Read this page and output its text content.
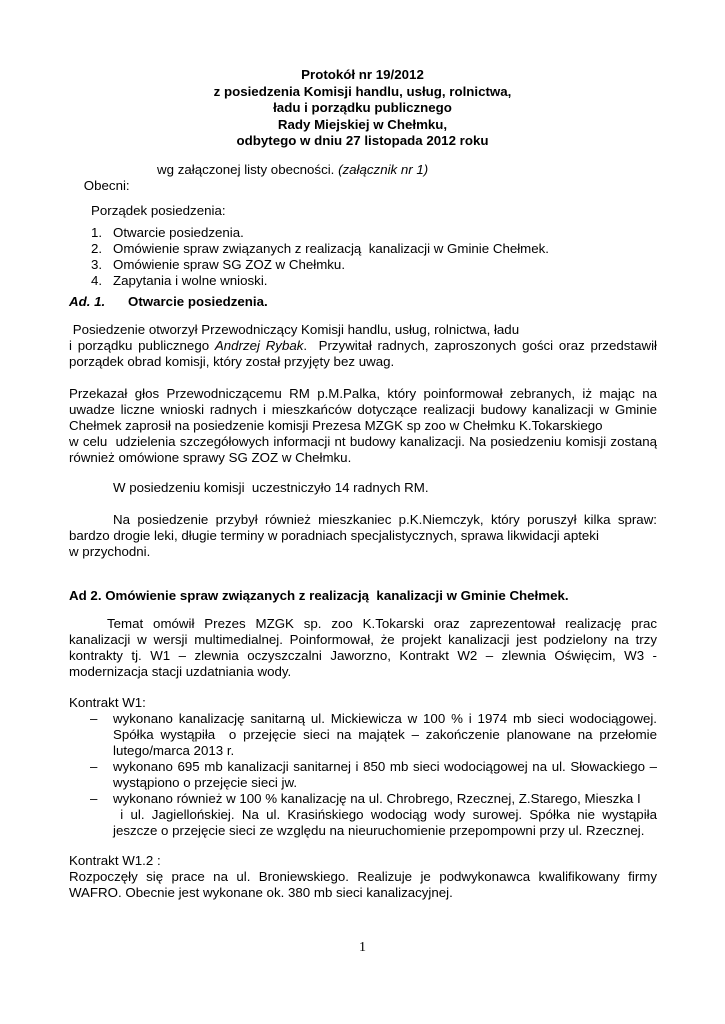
Protokół nr 19/2012
z posiedzenia Komisji handlu, usług, rolnictwa,
ładu i porządku publicznego
Rady Miejskiej w Chełmku,
odbytego w dniu 27 listopada 2012 roku

Obecni:

wg załączonej listy obecności. (załącznik nr 1)
Porządek posiedzenia:
1. Otwarcie posiedzenia.
2. Omówienie spraw związanych z realizacją  kanalizacji w Gminie Chełmek.
3. Omówienie spraw SG ZOZ w Chełmku.
4. Zapytania i wolne wnioski.
Ad. 1. Otwarcie posiedzenia.
Posiedzenie otworzył Przewodniczący Komisji handlu, usług, rolnictwa, ładu
i porządku publicznego Andrzej Rybak.  Przywitał radnych, zaproszonych gości oraz przedstawił
porządek obrad komisji, który został przyjęty bez uwag.
Przekazał głos Przewodniczącemu RM p.M.Palka, który poinformował zebranych, iż mając na
uwadze liczne wnioski radnych i mieszkańców dotyczące realizacji budowy kanalizacji w Gminie
Chełmek zaprosił na posiedzenie komisji Prezesa MZGK sp zoo w Chełmku K.Tokarskiego
w celu  udzielenia szczegółowych informacji nt budowy kanalizacji. Na posiedzeniu komisji zostaną
również omówione sprawy SG ZOZ w Chełmku.
W posiedzeniu komisji  uczestniczyło 14 radnych RM.
Na posiedzenie przybył również mieszkaniec p.K.Niemczyk, który poruszył kilka spraw:
bardzo drogie leki, długie terminy w poradniach specjalistycznych, sprawa likwidacji apteki
w przychodni.
Ad 2. Omówienie spraw związanych z realizacją  kanalizacji w Gminie Chełmek.
Temat omówił Prezes MZGK sp. zoo K.Tokarski oraz zaprezentował realizację prac
kanalizacji w wersji multimedialnej. Poinformował, że projekt kanalizacji jest podzielony na trzy
kontrakty tj. W1 – zlewnia oczyszczalni Jaworzno, Kontrakt W2 – zlewnia Oświęcim, W3 -
modernizacja stacji uzdatniania wody.
Kontrakt W1:
– wykonano kanalizację sanitarną ul. Mickiewicza w 100 % i 1974 mb sieci wodociągowej.
Spółka wystąpiła  o przejęcie sieci na majątek – zakończenie planowane na przełomie
lutego/marca 2013 r.
– wykonano 695 mb kanalizacji sanitarnej i 850 mb sieci wodociągowej na ul. Słowackiego –
wystąpiono o przejęcie sieci jw.
– wykonano również w 100 % kanalizację na ul. Chrobrego, Rzecznej, Z.Starego, Mieszka I
i ul. Jagiellońskiej. Na ul. Krasińskiego wodociąg wody surowej. Spółka nie wystąpiła
jeszcze o przejęcie sieci ze względu na nieuruchomienie przepompowni przy ul. Rzecznej.
Kontrakt W1.2 :
Rozpoczęły się prace na ul. Broniewskiego. Realizuje je podwykonawca kwalifikowany firmy
WAFRO. Obecnie jest wykonane ok. 380 mb sieci kanalizacyjnej.
1
